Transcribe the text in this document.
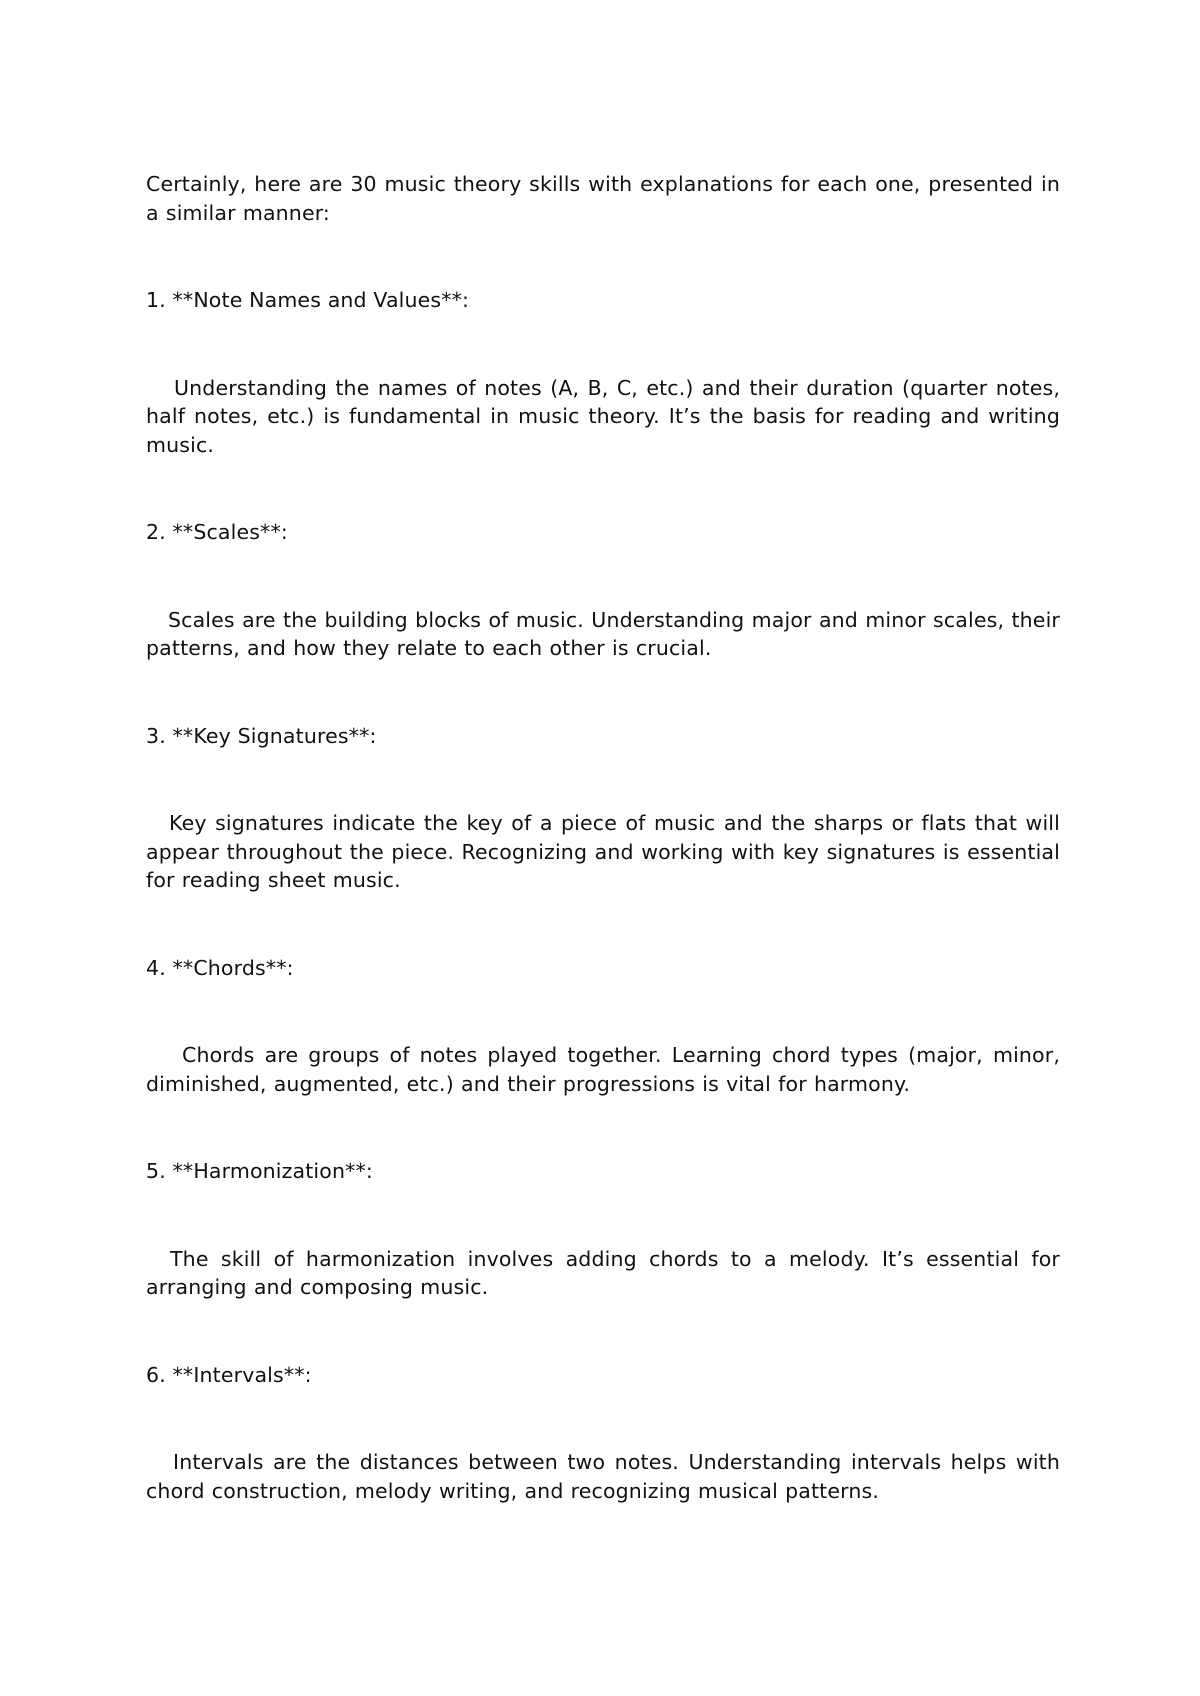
Certainly, here are 30 music theory skills with explanations for each one, presented in a similar manner:

1. **Note Names and Values**:

Understanding the names of notes (A, B, C, etc.) and their duration (quarter notes, half notes, etc.) is fundamental in music theory. It’s the basis for reading and writing music.

2. **Scales**:

Scales are the building blocks of music. Understanding major and minor scales, their patterns, and how they relate to each other is crucial.

3. **Key Signatures**:

Key signatures indicate the key of a piece of music and the sharps or flats that will appear throughout the piece. Recognizing and working with key signatures is essential for reading sheet music.

4. **Chords**:

Chords are groups of notes played together. Learning chord types (major, minor, diminished, augmented, etc.) and their progressions is vital for harmony.

5. **Harmonization**:

The skill of harmonization involves adding chords to a melody. It’s essential for arranging and composing music.

6. **Intervals**:

Intervals are the distances between two notes. Understanding intervals helps with chord construction, melody writing, and recognizing musical patterns.
